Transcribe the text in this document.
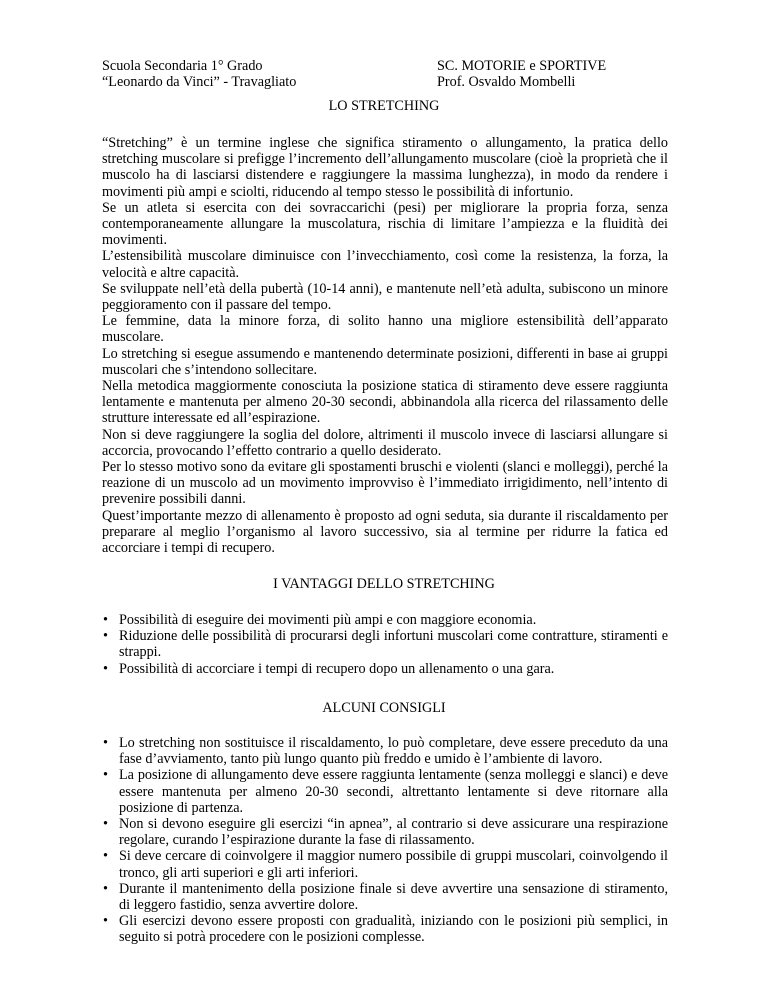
Scuola Secondaria 1° Grado
“Leonardo da Vinci” - Travagliato
SC. MOTORIE e SPORTIVE
Prof. Osvaldo Mombelli
LO STRETCHING

“Stretching” è un termine inglese che significa stiramento o allungamento, la pratica dello stretching muscolare si prefigge l’incremento dell’allungamento muscolare (cioè la proprietà che il muscolo ha di lasciarsi distendere e raggiungere la massima lunghezza), in modo da rendere i movimenti più ampi e sciolti, riducendo al tempo stesso le possibilità di infortunio.

Se un atleta si esercita con dei sovraccarichi (pesi) per migliorare la propria forza, senza contemporaneamente allungare la muscolatura, rischia di limitare l’ampiezza e la fluidità dei movimenti.

L’estensibilità muscolare diminuisce con l’invecchiamento, così come la resistenza, la forza, la velocità e altre capacità.

Se sviluppate nell’età della pubertà (10-14 anni), e mantenute nell’età adulta, subiscono un minore peggioramento con il passare del tempo.

Le femmine, data la minore forza, di solito hanno una migliore estensibilità dell’apparato muscolare.

Lo stretching si esegue assumendo e mantenendo determinate posizioni, differenti in base ai gruppi muscolari che s’intendono sollecitare.

Nella metodica maggiormente conosciuta la posizione statica di stiramento deve essere raggiunta lentamente e mantenuta per almeno 20-30 secondi, abbinandola alla ricerca del rilassamento delle strutture interessate ed all’espirazione.

Non si deve raggiungere la soglia del dolore, altrimenti il muscolo invece di lasciarsi allungare si accorcia, provocando l’effetto contrario a quello desiderato.

Per lo stesso motivo sono da evitare gli spostamenti bruschi e violenti (slanci e molleggi), perché la reazione di un muscolo ad un movimento improvviso è l’immediato irrigidimento, nell’intento di prevenire possibili danni.

Quest’importante mezzo di allenamento è proposto ad ogni seduta, sia durante il riscaldamento per preparare al meglio l’organismo al lavoro successivo, sia al termine per ridurre la fatica ed accorciare i tempi di recupero.

I VANTAGGI DELLO STRETCHING
• Possibilità di eseguire dei movimenti più ampi e con maggiore economia.
• Riduzione delle possibilità di procurarsi degli infortuni muscolari come contratture, stiramenti e strappi.
• Possibilità di accorciare i tempi di recupero dopo un allenamento o una gara.
ALCUNI CONSIGLI
• Lo stretching non sostituisce il riscaldamento, lo può completare, deve essere preceduto da una fase d’avviamento, tanto più lungo quanto più freddo e umido è l’ambiente di lavoro.
• La posizione di allungamento deve essere raggiunta lentamente (senza molleggi e slanci) e deve essere mantenuta per almeno 20-30 secondi, altrettanto lentamente si deve ritornare alla posizione di partenza.
• Non si devono eseguire gli esercizi “in apnea”, al contrario si deve assicurare una respirazione regolare, curando l’espirazione durante la fase di rilassamento.
• Si deve cercare di coinvolgere il maggior numero possibile di gruppi muscolari, coinvolgendo il tronco, gli arti superiori e gli arti inferiori.
• Durante il mantenimento della posizione finale si deve avvertire una sensazione di stiramento, di leggero fastidio, senza avvertire dolore.
• Gli esercizi devono essere proposti con gradualità, iniziando con le posizioni più semplici, in seguito si potrà procedere con le posizioni complesse.
